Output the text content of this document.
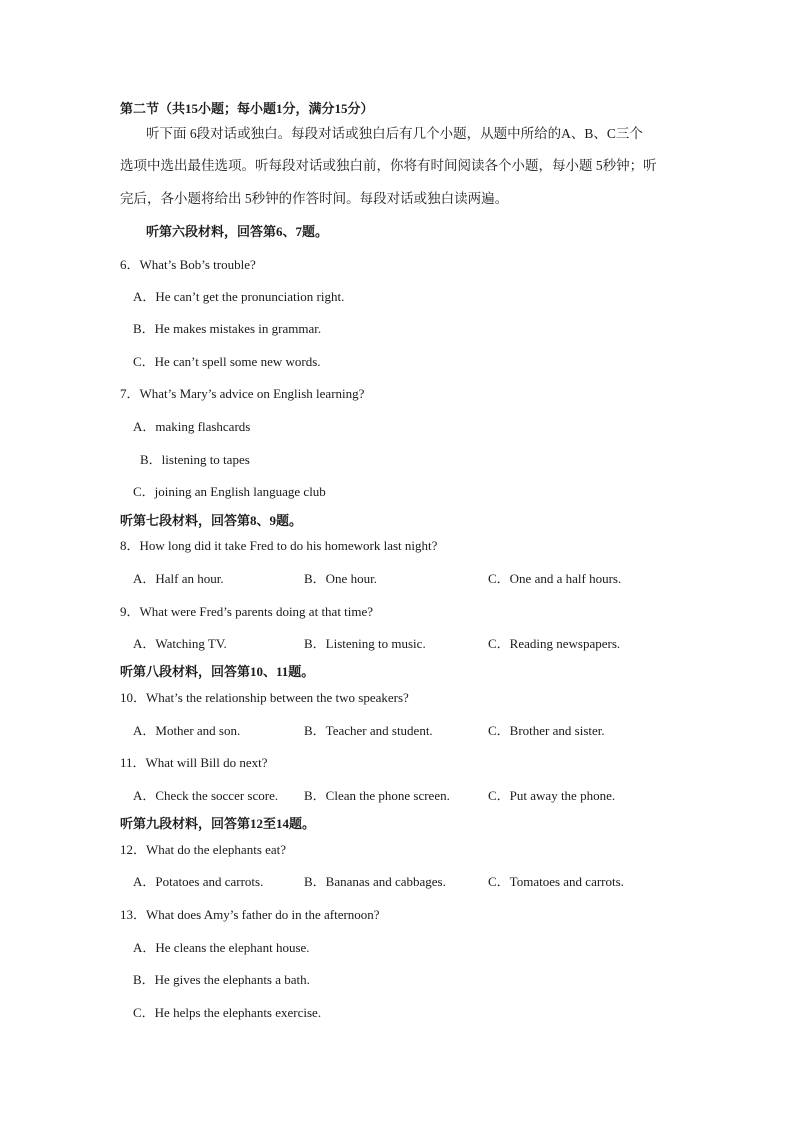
第二节（共15小题；每小题1分，满分15分）
听下面 6段对话或独白。每段对话或独白后有几个小题，从题中所给的A、B、C三个
选项中选出最佳选项。听每段对话或独白前，你将有时间阅读各个小题，每小题 5秒钟；听
完后，各小题将给出 5秒钟的作答时间。每段对话或独白读两遍。
听第六段材料，回答第6、7题。
6．What’s Bob’s trouble?
A．He can’t get the pronunciation right.
B．He makes mistakes in grammar.
C．He can’t spell some new words.
7．What’s Mary’s advice on English learning?
A．making flashcards
B．listening to tapes
C．joining an English language club
听第七段材料，回答第8、9题。
8．How long did it take Fred to do his homework last night?
A．Half an hour.	B．One hour.	C．One and a half hours.
9．What were Fred’s parents doing at that time?
A．Watching TV.	B．Listening to music.	C．Reading newspapers.
听第八段材料，回答第10、11题。
10．What’s the relationship between the two speakers?
A．Mother and son.	B．Teacher and student.	C．Brother and sister.
11．What will Bill do next?
A．Check the soccer score. B．Clean the phone screen.	C．Put away the phone.
听第九段材料，回答第12至14题。
12．What do the elephants eat?
A．Potatoes and carrots.	B．Bananas and cabbages.	C．Tomatoes and carrots.
13．What does Amy’s father do in the afternoon?
A．He cleans the elephant house.
B．He gives the elephants a bath.
C．He helps the elephants exercise.
